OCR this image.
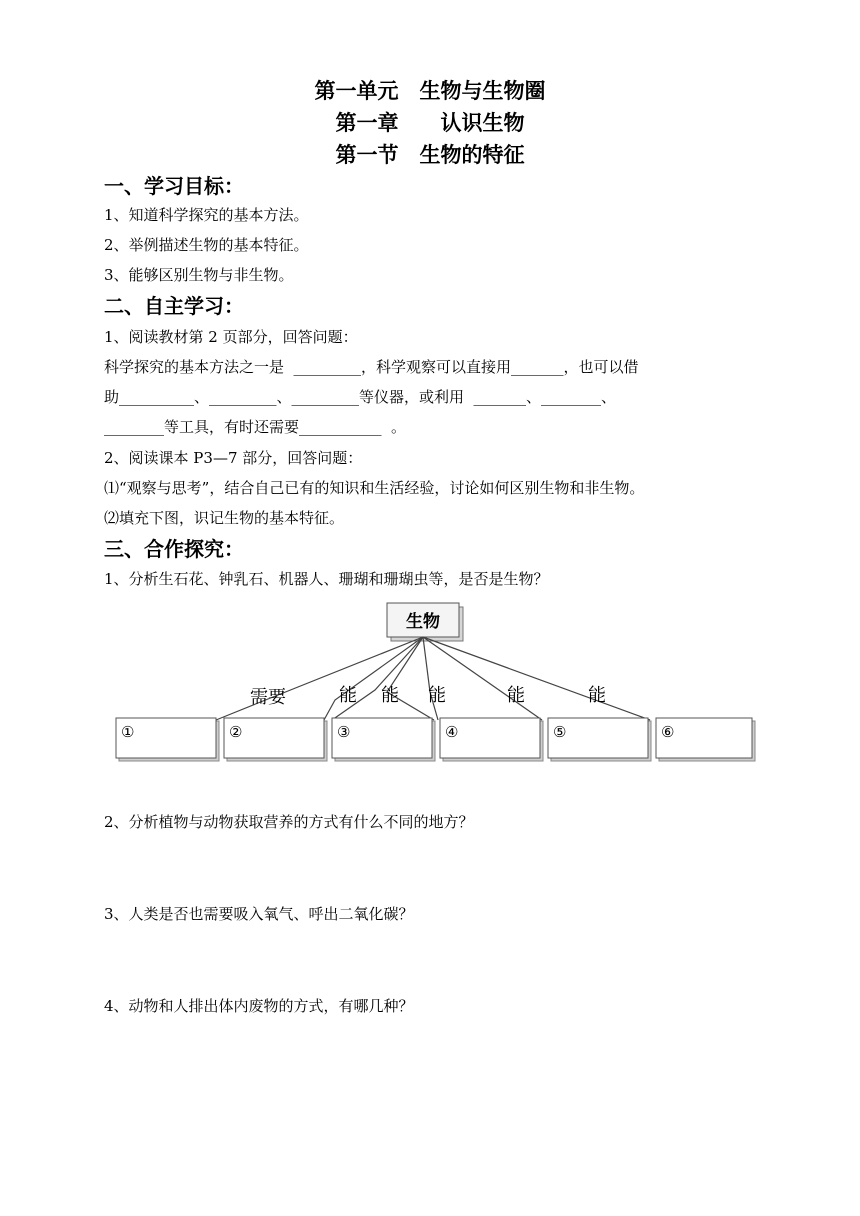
第一单元　生物与生物圈
第一章　　认识生物
第一节　生物的特征
一、学习目标：
1、知道科学探究的基本方法。
2、举例描述生物的基本特征。
3、能够区别生物与非生物。
二、自主学习：
1、阅读教材第 2 页部分，回答问题：
科学探究的基本方法之一是  _________，科学观察可以直接用_______，也可以借
助__________、_________、_________等仪器，或利用  _______、________、
________等工具，有时还需要___________  。
2、阅读课本 P3—7 部分，回答问题：
⑴“观察与思考”，结合自己已有的知识和生活经验，讨论如何区别生物和非生物。
⑵填充下图，识记生物的基本特征。
三、合作探究：
1、分析生石花、钟乳石、机器人、珊瑚和珊瑚虫等，是否是生物？
生物
需要	能 能 能	能	能
①	②	③	④	⑤	⑥
2、分析植物与动物获取营养的方式有什么不同的地方？
3、人类是否也需要吸入氧气、呼出二氧化碳？
4、动物和人排出体内废物的方式，有哪几种？
